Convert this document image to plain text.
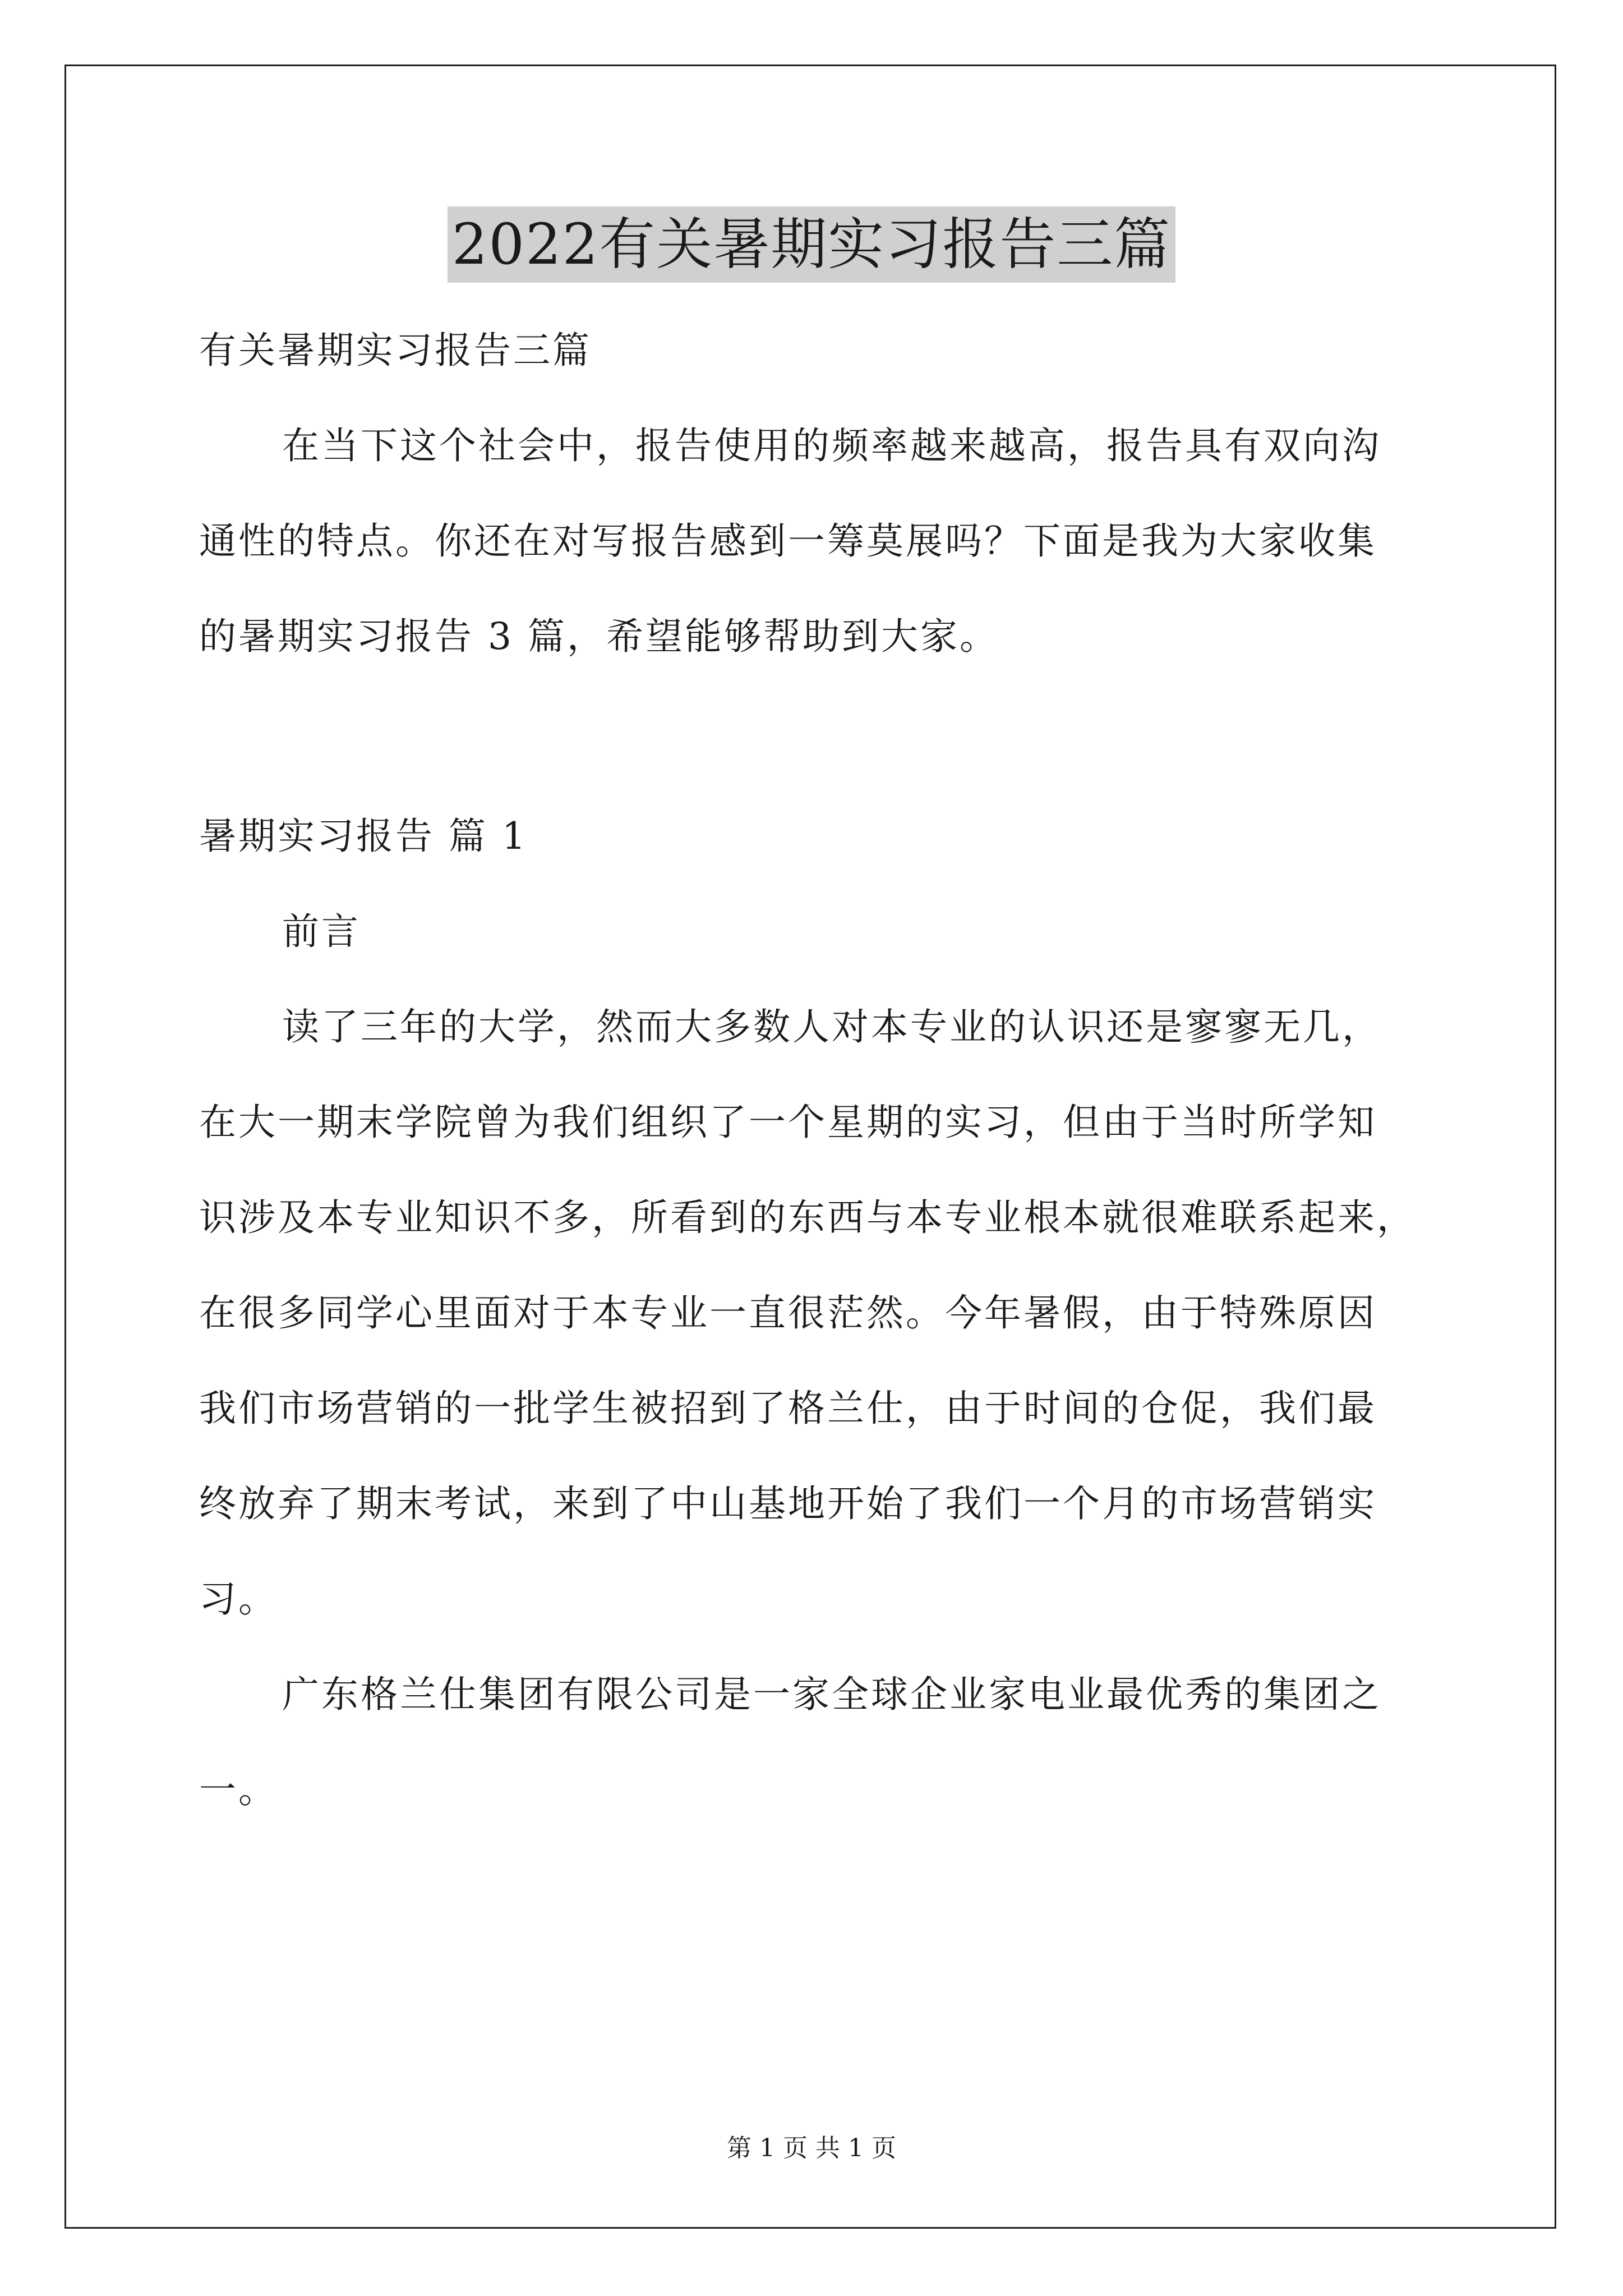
2022有关暑期实习报告三篇
有关暑期实习报告三篇
在当下这个社会中，报告使用的频率越来越高，报告具有双向沟
通性的特点。你还在对写报告感到一筹莫展吗？下面是我为大家收集
的暑期实习报告 3 篇，希望能够帮助到大家。
暑期实习报告 篇 1
前言
读了三年的大学，然而大多数人对本专业的认识还是寥寥无几，
在大一期末学院曾为我们组织了一个星期的实习，但由于当时所学知
识涉及本专业知识不多，所看到的东西与本专业根本就很难联系起来，
在很多同学心里面对于本专业一直很茫然。今年暑假，由于特殊原因
我们市场营销的一批学生被招到了格兰仕，由于时间的仓促，我们最
终放弃了期末考试，来到了中山基地开始了我们一个月的市场营销实
习。
广东格兰仕集团有限公司是一家全球企业家电业最优秀的集团之
一。
第 1 页 共 1 页
